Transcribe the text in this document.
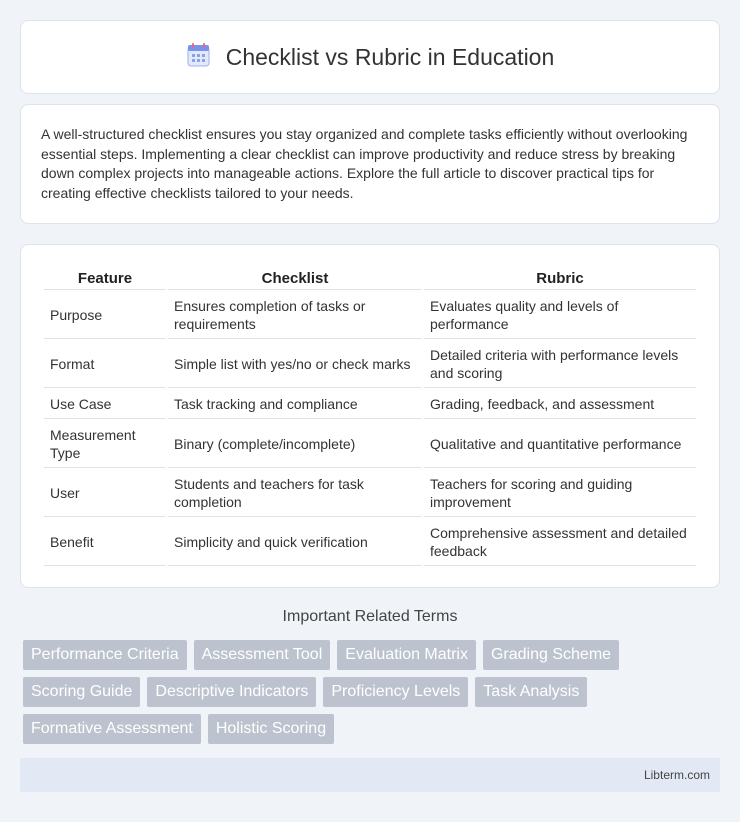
Checklist vs Rubric in Education

A well-structured checklist ensures you stay organized and complete tasks efficiently without overlooking essential steps. Implementing a clear checklist can improve productivity and reduce stress by breaking down complex projects into manageable actions. Explore the full article to discover practical tips for creating effective checklists tailored to your needs.

Feature	Checklist	Rubric
Purpose	Ensures completion of tasks or requirements	Evaluates quality and levels of performance
Format	Simple list with yes/no or check marks	Detailed criteria with performance levels and scoring
Use Case	Task tracking and compliance	Grading, feedback, and assessment
Measurement Type	Binary (complete/incomplete)	Qualitative and quantitative performance
User	Students and teachers for task completion	Teachers for scoring and guiding improvement
Benefit	Simplicity and quick verification	Comprehensive assessment and detailed feedback
Important Related Terms
Performance Criteria	Assessment Tool	Evaluation Matrix	Grading Scheme
Scoring Guide	Descriptive Indicators	Proficiency Levels	Task Analysis
Formative Assessment	Holistic Scoring
Libterm.com
